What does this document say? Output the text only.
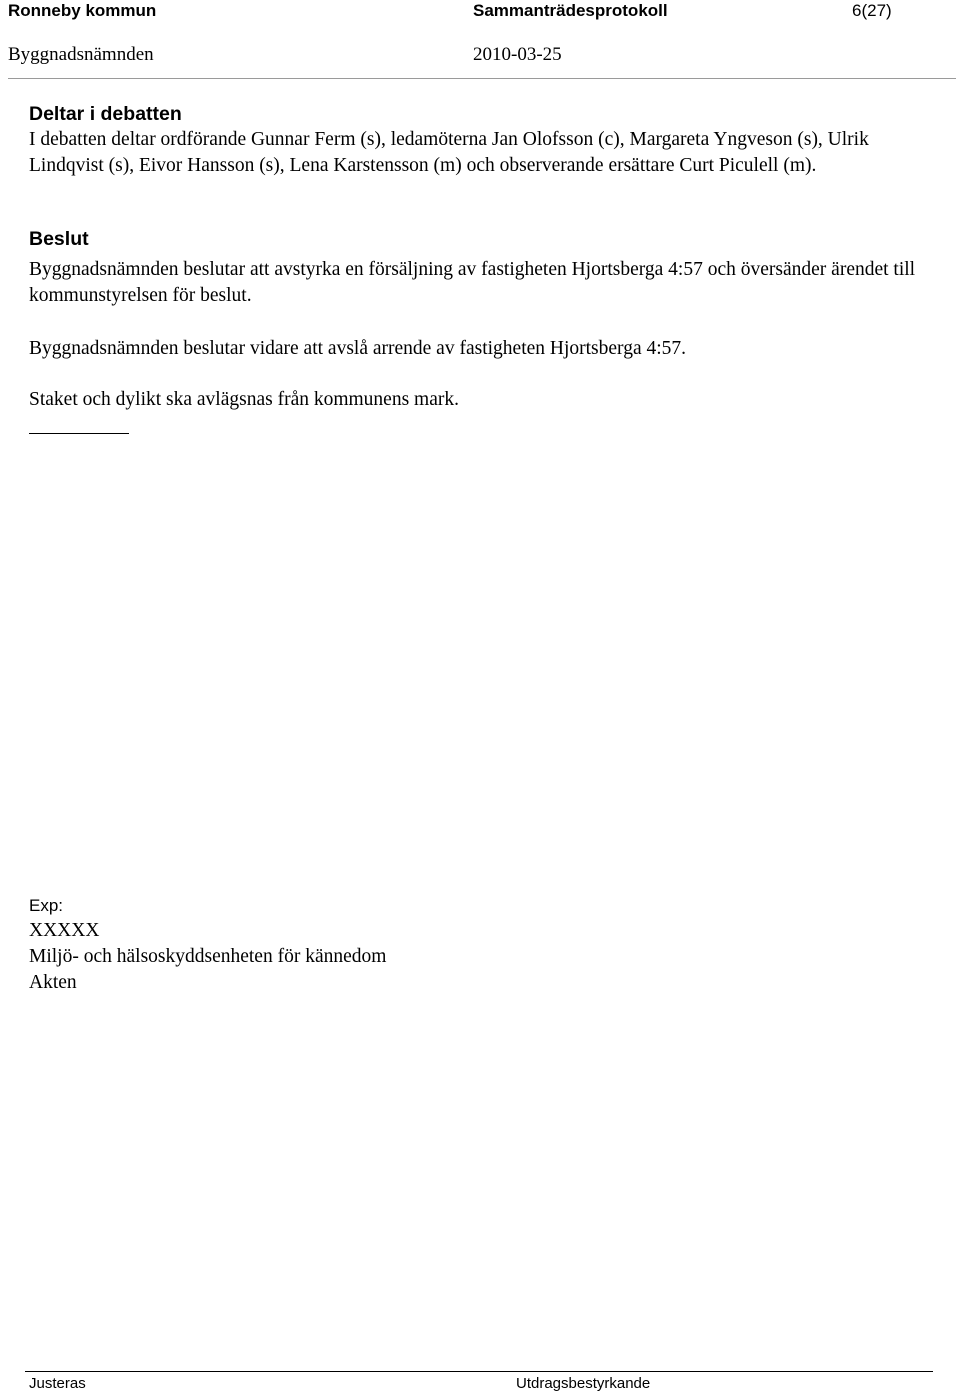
Ronneby kommun	Sammanträdesprotokoll	6(27)
Byggnadsnämnden	2010-03-25

Deltar i debatten

I debatten deltar ordförande Gunnar Ferm (s), ledamöterna Jan Olofsson (c), Margareta Yngveson (s), Ulrik Lindqvist (s), Eivor Hansson (s), Lena Karstensson (m) och observerande ersättare Curt Piculell (m).

Beslut

Byggnadsnämnden beslutar att avstyrka en försäljning av fastigheten Hjortsberga 4:57 och översänder ärendet till kommunstyrelsen för beslut.

Byggnadsnämnden beslutar vidare att avslå arrende av fastigheten Hjortsberga 4:57.

Staket och dylikt ska avlägsnas från kommunens mark.

Exp:

XXXXX

Miljö- och hälsoskyddsenheten för kännedom

Akten

Justeras	Utdragsbestyrkande
